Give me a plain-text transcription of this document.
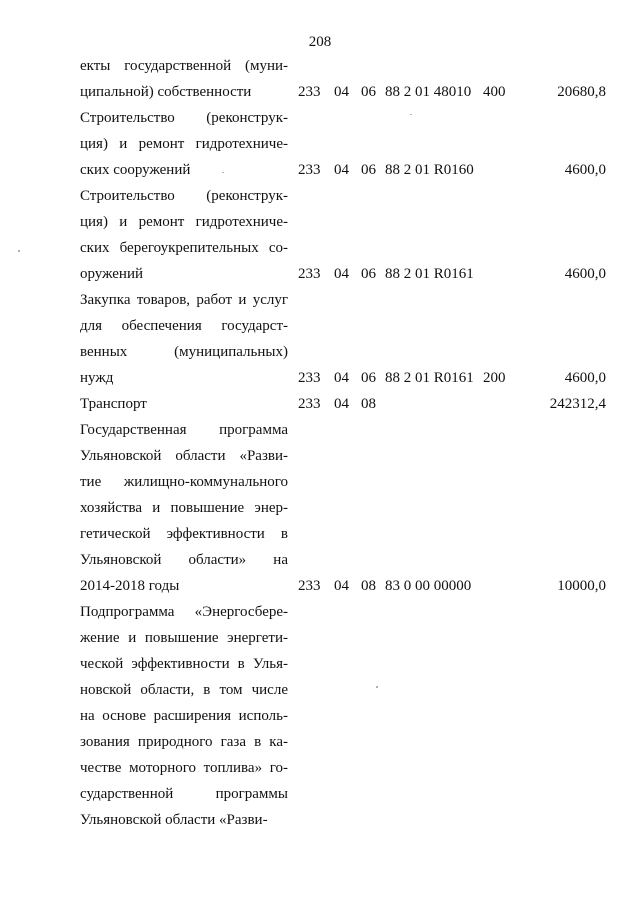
208
екты государственной (муни-
ципальной) собственности	233 04 06 88 2 01 48010 400	20680,8
Строительство (реконструк-
ция) и ремонт гидротехниче-
ских сооружений	233 04 06 88 2 01 R0160	4600,0
Строительство (реконструк-
ция) и ремонт гидротехниче-
ских берегоукрепительных со-
оружений	233 04 06 88 2 01 R0161	4600,0
Закупка товаров, работ и услуг
для обеспечения государст-
венных (муниципальных)
нужд	233 04 06 88 2 01 R0161 200	4600,0
Транспорт	233 04 08	242312,4
Государственная программа
Ульяновской области «Разви-
тие жилищно-коммунального
хозяйства и повышение энер-
гетической эффективности в
Ульяновской области» на
2014-2018 годы	233 04 08 83 0 00 00000	10000,0
Подпрограмма «Энергосбере-
жение и повышение энергети-
ческой эффективности в Улья-
новской области, в том числе
на основе расширения исполь-
зования природного газа в ка-
честве моторного топлива» го-
сударственной программы
Ульяновской области «Разви-
